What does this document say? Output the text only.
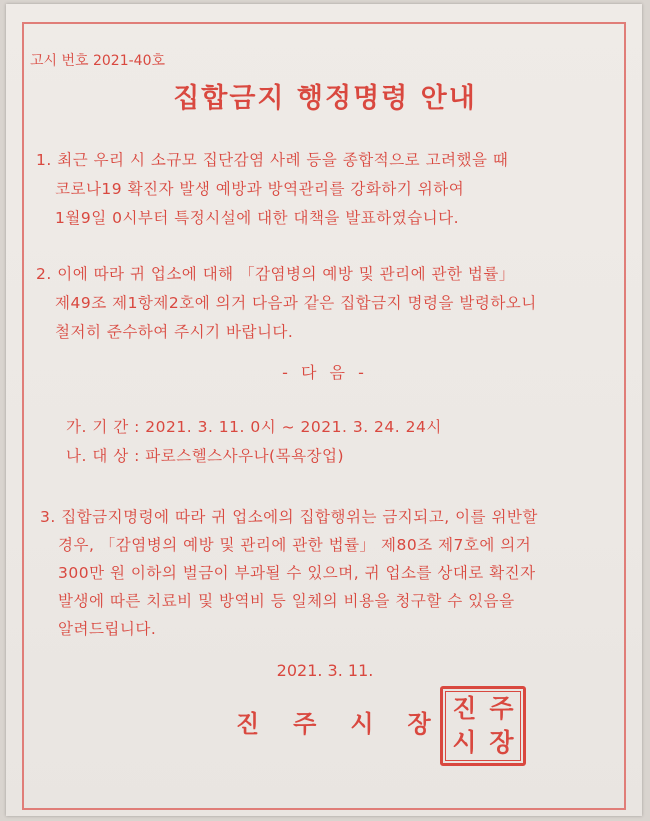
고시 번호 2021-40호
집합금지 행정명령 안내
1. 최근 우리 시 소규모 집단감염 사례 등을 종합적으로 고려했을 때
코로나19 확진자 발생 예방과 방역관리를 강화하기 위하여
1월9일 0시부터 특정시설에 대한 대책을 발표하였습니다.
2. 이에 따라 귀 업소에 대해 「감염병의 예방 및 관리에 관한 법률」
제49조 제1항제2호에 의거 다음과 같은 집합금지 명령을 발령하오니
철저히 준수하여 주시기 바랍니다.
- 다 음 -
가. 기 간 : 2021. 3. 11. 0시 ~ 2021. 3. 24. 24시
나. 대 상 : 파로스헬스사우나(목욕장업)
3. 집합금지명령에 따라 귀 업소에의 집합행위는 금지되고, 이를 위반할
경우, 「감염병의 예방 및 관리에 관한 법률」 제80조 제7호에 의거
300만 원 이하의 벌금이 부과될 수 있으며, 귀 업소를 상대로 확진자
발생에 따른 치료비 및 방역비 등 일체의 비용을 청구할 수 있음을
알려드립니다.
2021. 3. 11.
진주시장
진 주
시 장
